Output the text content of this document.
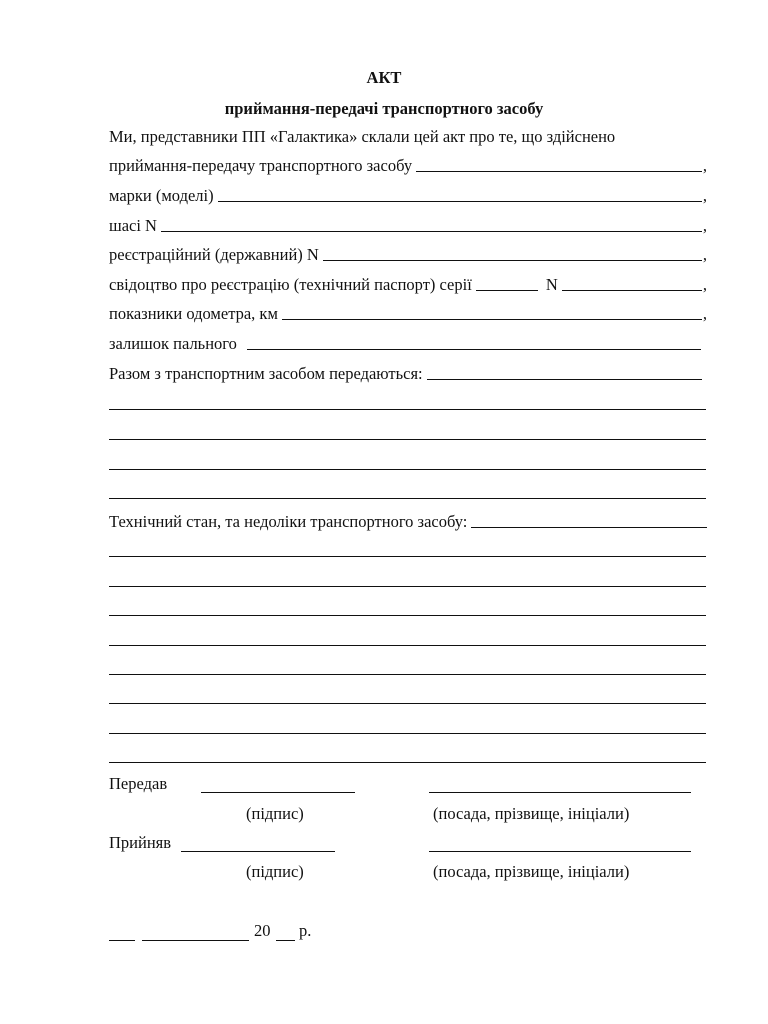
АКТ
приймання-передачі транспортного засобу
Ми, представники ПП «Галактика» склали цей акт про те, що здійснено
приймання-передачу транспортного засобу	,
марки (моделі)	,
шасі N	,
реєстраційний (державний) N	,
свідоцтво про реєстрацію (технічний паспорт) серії	N	,
показники одометра, км	,
залишок пального
Разом з транспортним засобом передаються:
Технічний стан, та недоліки транспортного засобу:
Передав
(підпис)	(посада, прізвище, ініціали)
Прийняв
(підпис)	(посада, прізвище, ініціали)
20 р.
